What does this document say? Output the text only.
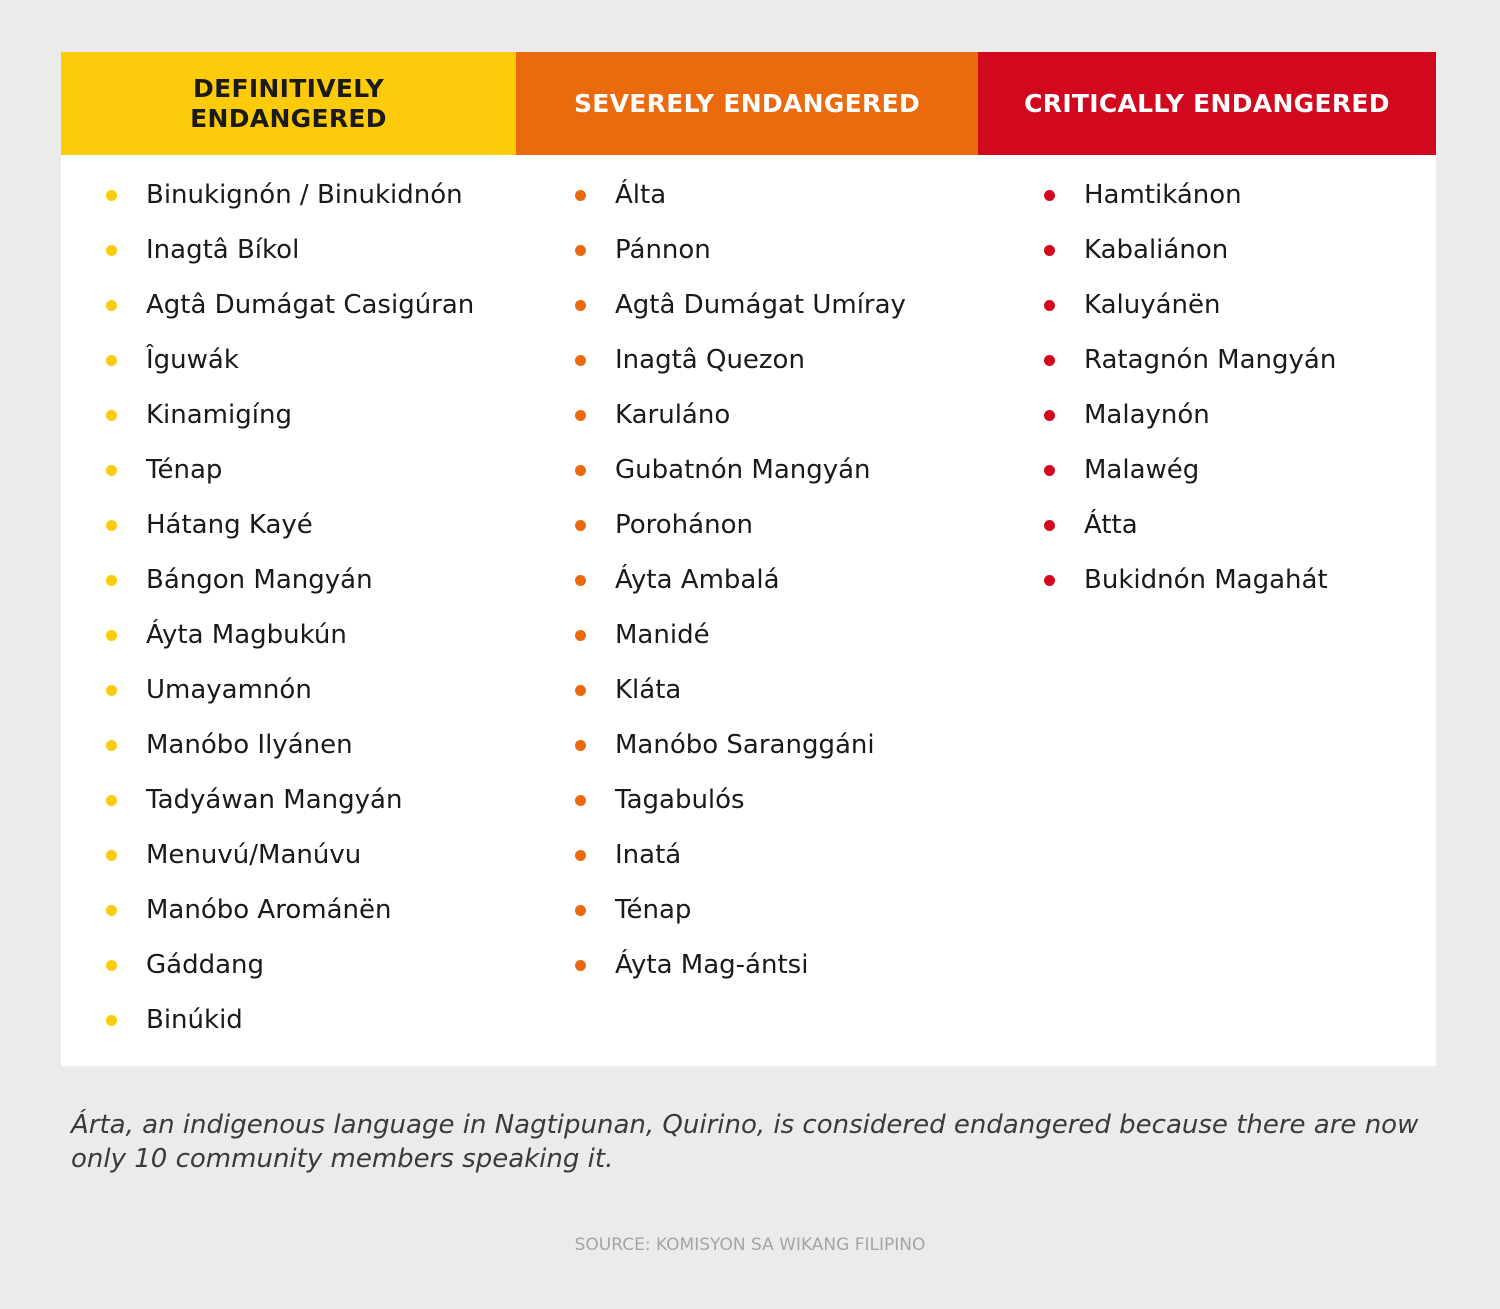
DEFINITIVELY ENDANGERED
SEVERELY ENDANGERED	CRITICALLY ENDANGERED
Binukignón / Binukidnón
Inagtâ Bíkol
Agtâ Dumágat Casigúran
Îguwák
Kinamigíng
Ténap
Hátang Kayé
Bángon Mangyán
Áyta Magbukún
Umayamnón
Manóbo Ilyánen
Tadyáwan Mangyán
Menuvú/Manúvu
Manóbo Arománën
Gáddang
Binúkid
Álta
Pánnon
Agtâ Dumágat Umíray
Inagtâ Quezon
Karuláno
Gubatnón Mangyán
Porohánon
Áyta Ambalá
Manidé
Kláta
Manóbo Saranggáni
Tagabulós
Inatá
Ténap
Áyta Mag-ántsi
Hamtikánon
Kabaliánon
Kaluyánën
Ratagnón Mangyán
Malaynón
Malawég
Átta
Bukidnón Magahát

Árta, an indigenous language in Nagtipunan, Quirino, is considered endangered because there are now only 10 community members speaking it.

SOURCE: KOMISYON SA WIKANG FILIPINO
